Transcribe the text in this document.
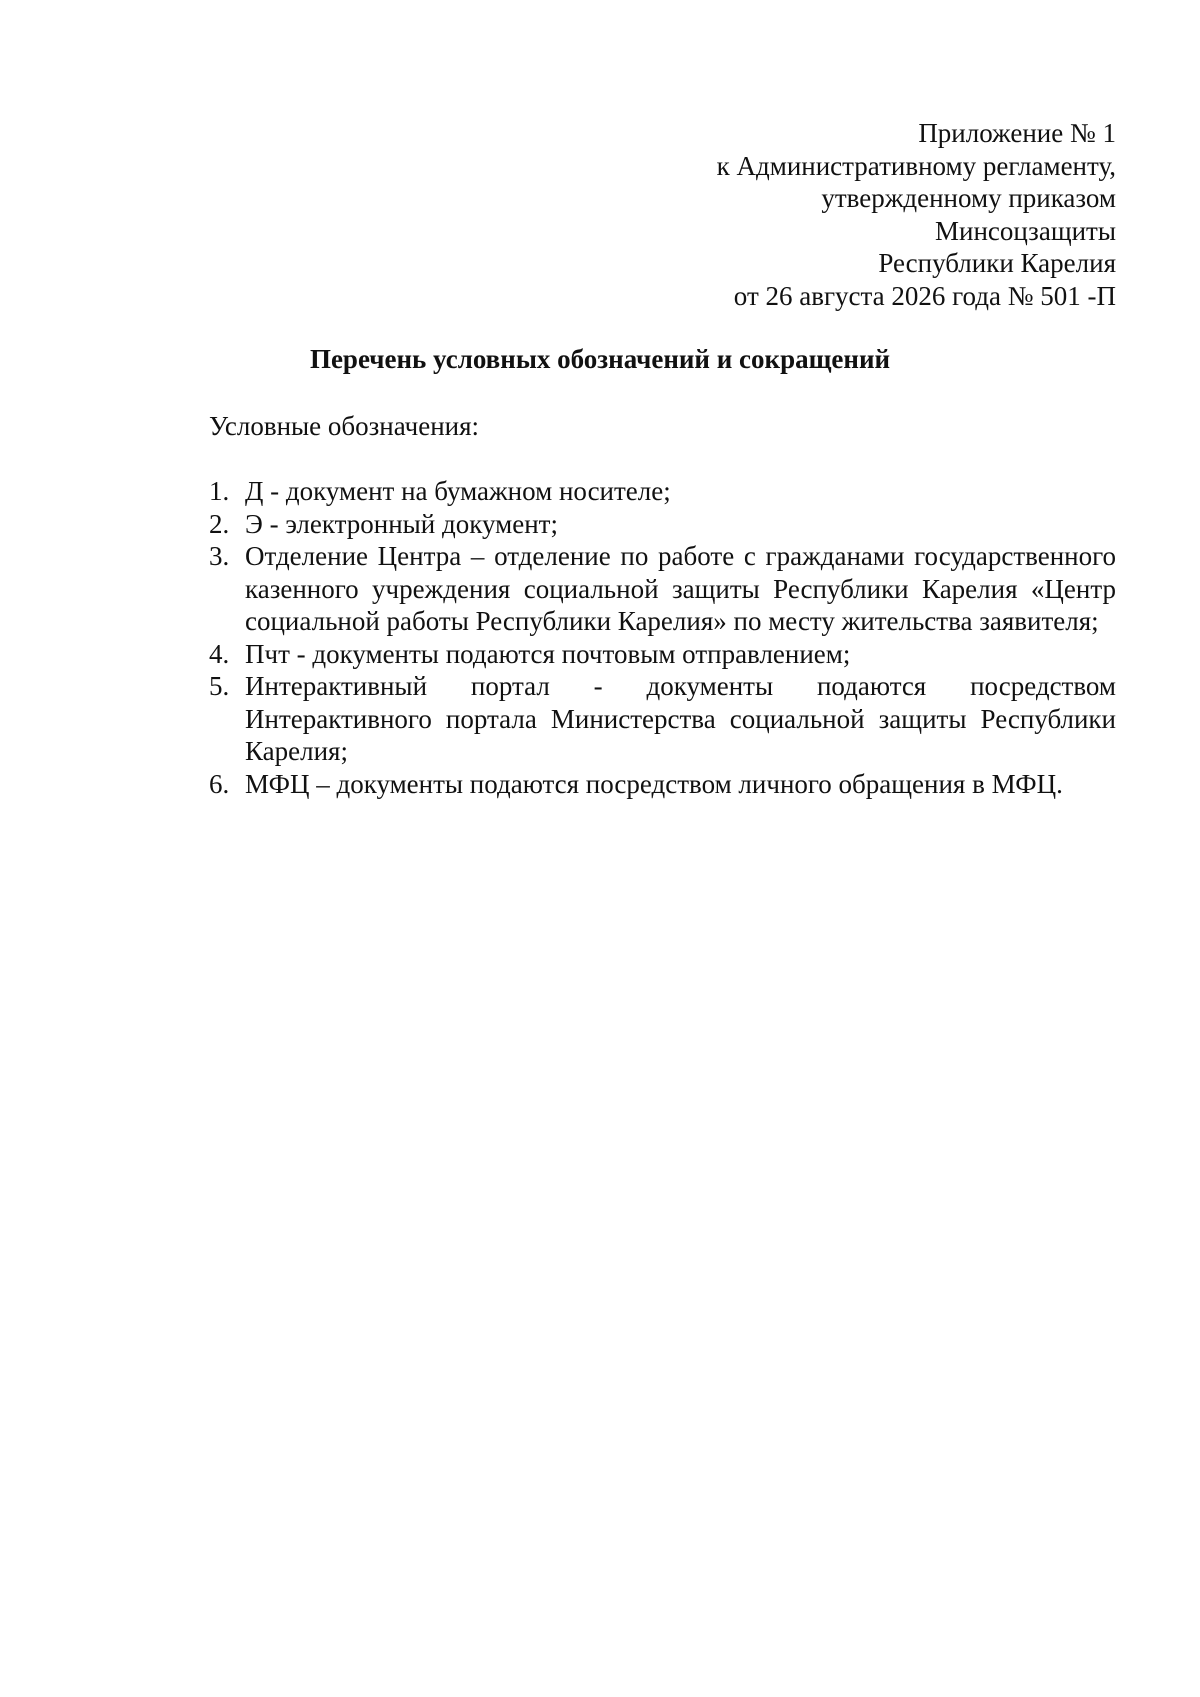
Приложение № 1
к Административному регламенту,
утвержденному приказом
Минсоцзащиты
Республики Карелия
от 26 августа 2026 года № 501 -П
Перечень условных обозначений и сокращений
Условные обозначения:
1. Д - документ на бумажном носителе;
2. Э - электронный документ;
3. Отделение Центра – отделение по работе с гражданами государственного казенного учреждения социальной защиты Республики Карелия «Центр социальной работы Республики Карелия» по месту жительства заявителя;
4. Пчт - документы подаются почтовым отправлением;
5. Интерактивный портал - документы подаются посредством Интерактивного портала Министерства социальной защиты Республики Карелия;
6. МФЦ – документы подаются посредством личного обращения в МФЦ.
